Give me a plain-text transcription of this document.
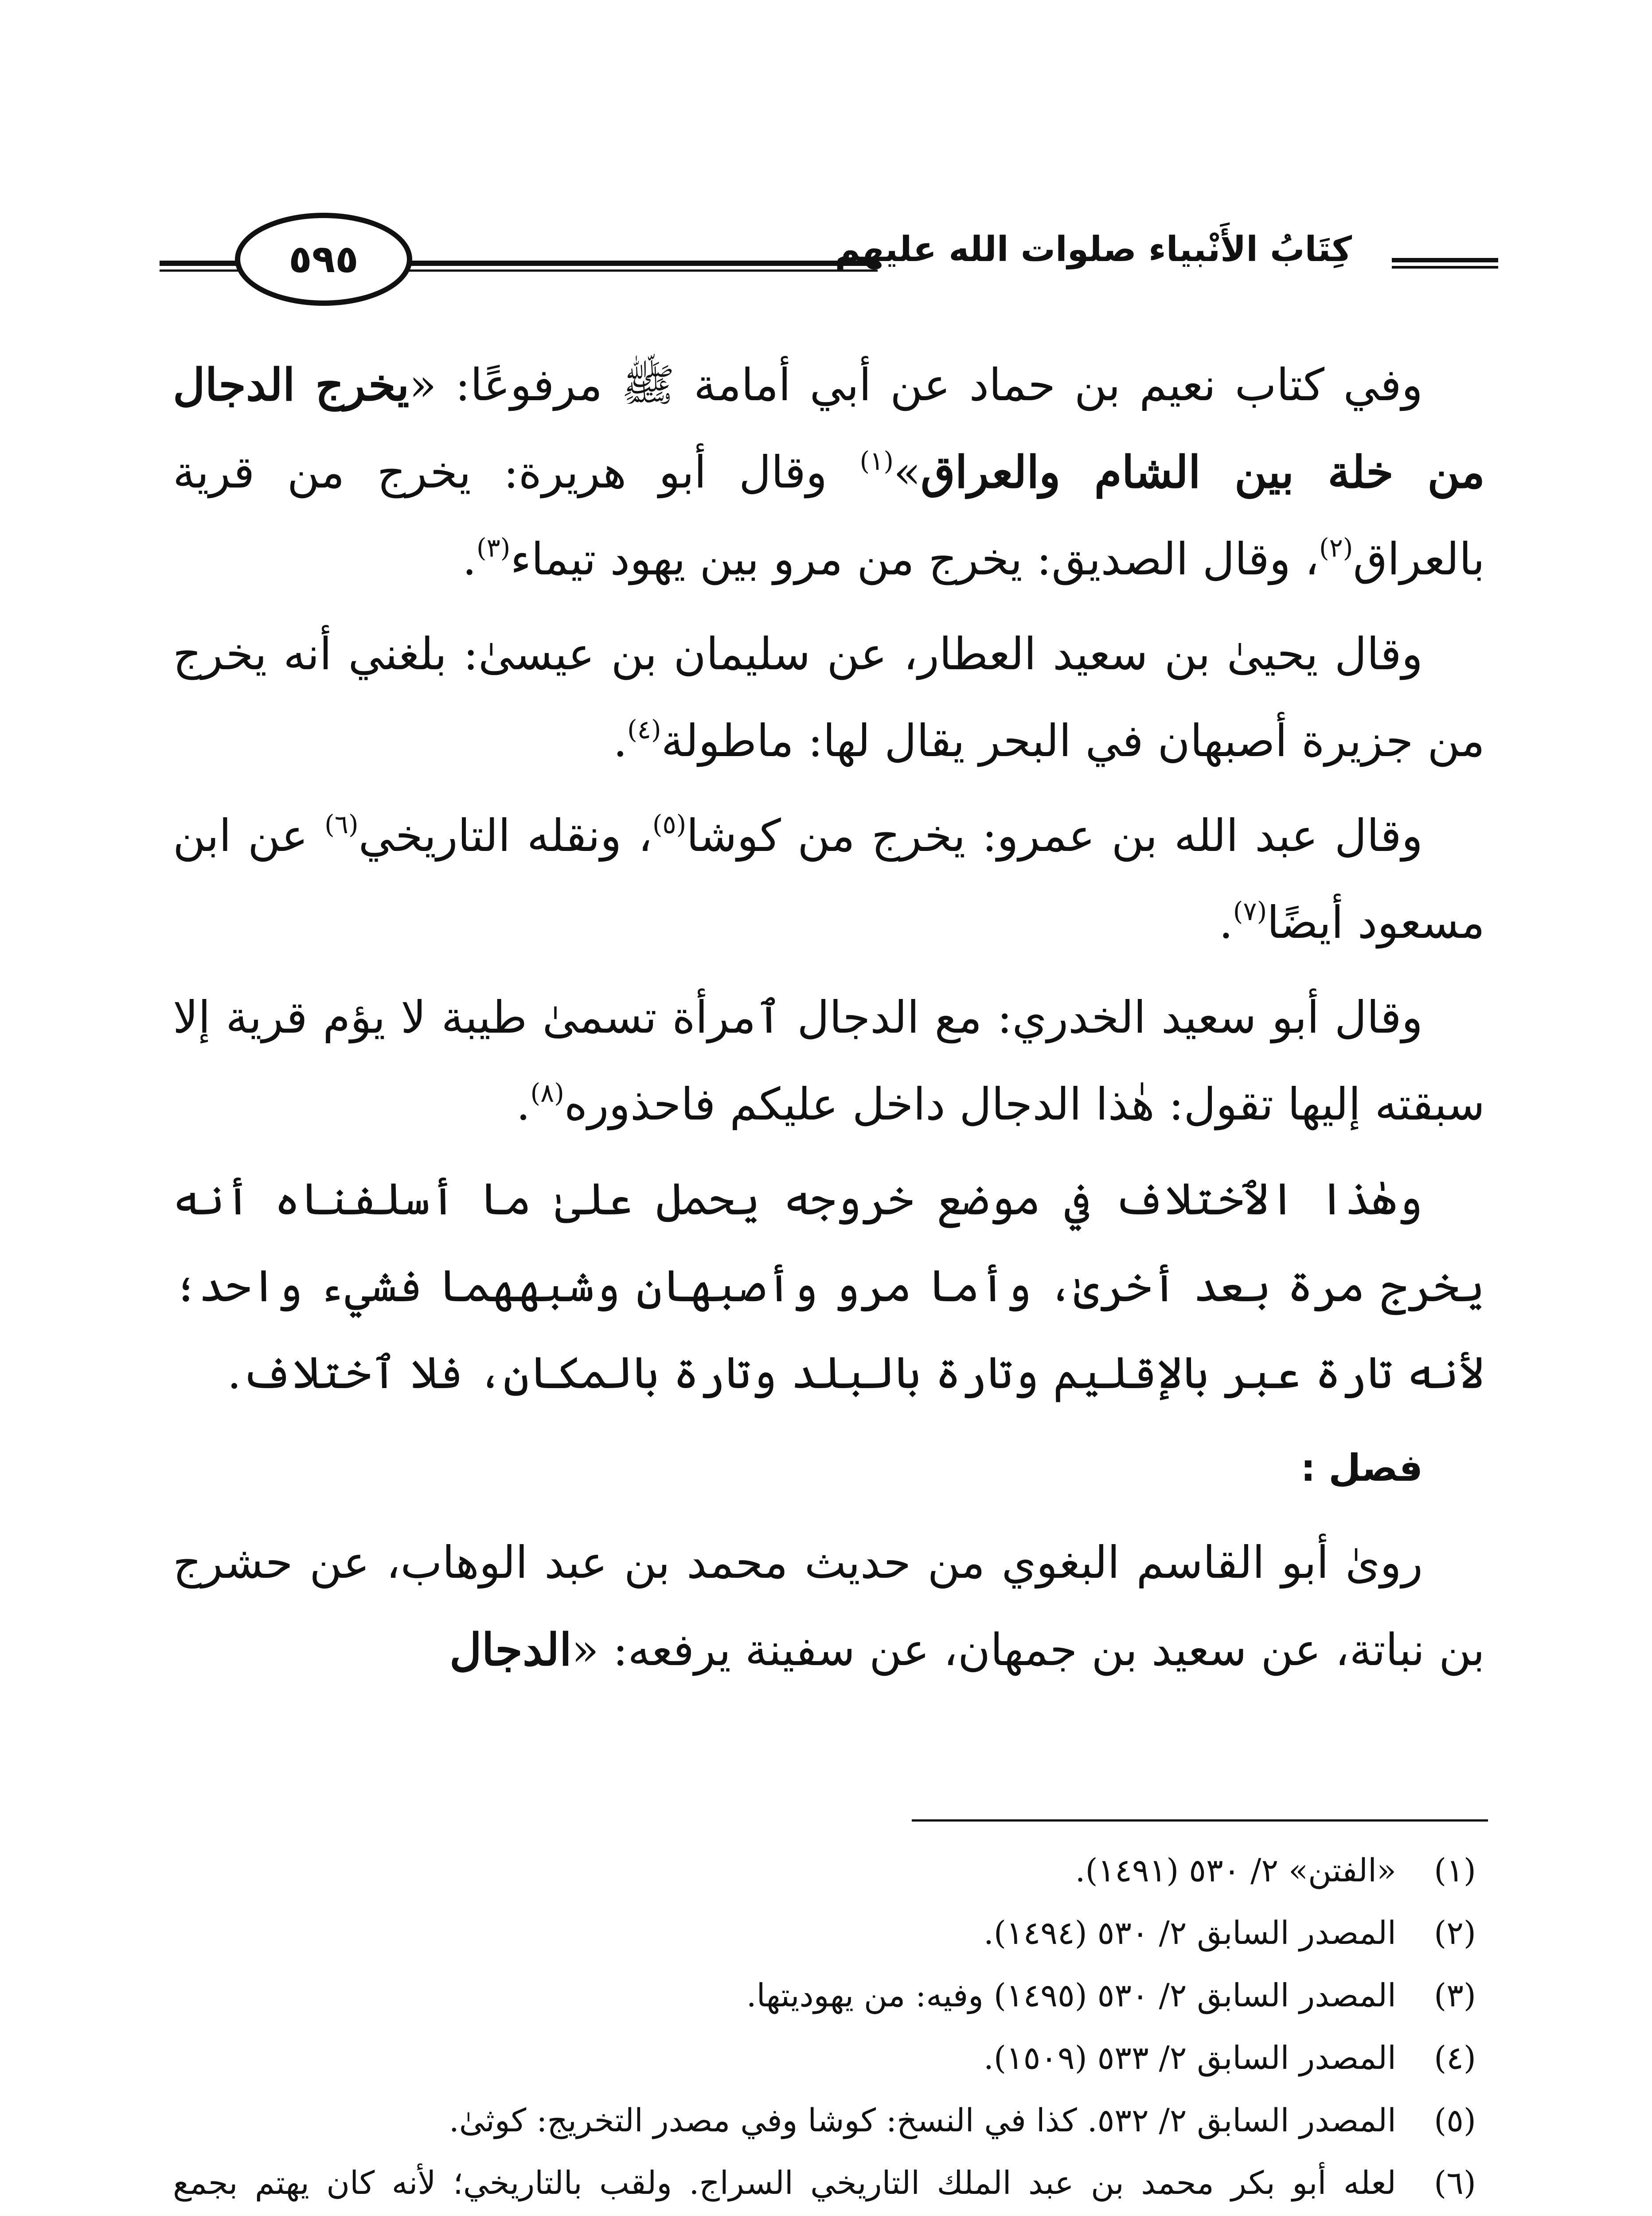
كِتَابُ الأَنْبياء صلوات الله عليهم
٥٩٥

وفي كتاب نعيم بن حماد عن أبي أمامة ﷺ مرفوعًا: «يخرج الدجال من خلة بين الشام والعراق»$^{(١)}$ وقال أبو هريرة: يخرج من قرية بالعراق$^{(٢)}$، وقال الصديق: يخرج من مرو بين يهود تيماء$^{(٣)}$.

وقال يحيىٰ بن سعيد العطار، عن سليمان بن عيسىٰ: بلغني أنه يخرج من جزيرة أصبهان في البحر يقال لها: ماطولة$^{(٤)}$.

وقال عبد الله بن عمرو: يخرج من كوشا$^{(٥)}$، ونقله التاريخي$^{(٦)}$ عن ابن مسعود أيضًا$^{(٧)}$.

وقال أبو سعيد الخدري: مع الدجال ٱمرأة تسمىٰ طيبة لا يؤم قرية إلا سبقته إليها تقول: هٰذا الدجال داخل عليكم فاحذوره$^{(٨)}$.

وهٰذا الٱختلاف في موضع خروجه يحمل علىٰ ما أسلفناه أنه يخرج مرة بعد أخرىٰ، وأما مرو وأصبهان وشبههما فشيء واحد؛ لأنه تارة عبر بالإقليم وتارة بالبلد وتارة بالمكان، فلا ٱختلاف.

فصل :

روىٰ أبو القاسم البغوي من حديث محمد بن عبد الوهاب، عن حشرج بن نباتة، عن سعيد بن جمهان، عن سفينة يرفعه: «الدجال

(١)
«الفتن» ٢/ ٥٣٠ (١٤٩١).
(٢)
المصدر السابق ٢/ ٥٣٠ (١٤٩٤).
(٣)
المصدر السابق ٢/ ٥٣٠ (١٤٩٥) وفيه: من يهوديتها.
(٤)
المصدر السابق ٢/ ٥٣٣ (١٥٠٩).
(٥)
المصدر السابق ٢/ ٥٣٢. كذا في النسخ: كوشا وفي مصدر التخريج: كوثىٰ.
(٦)
لعله أبو بكر محمد بن عبد الملك التاريخي السراج. ولقب بالتاريخي؛ لأنه كان يهتم بجمع
